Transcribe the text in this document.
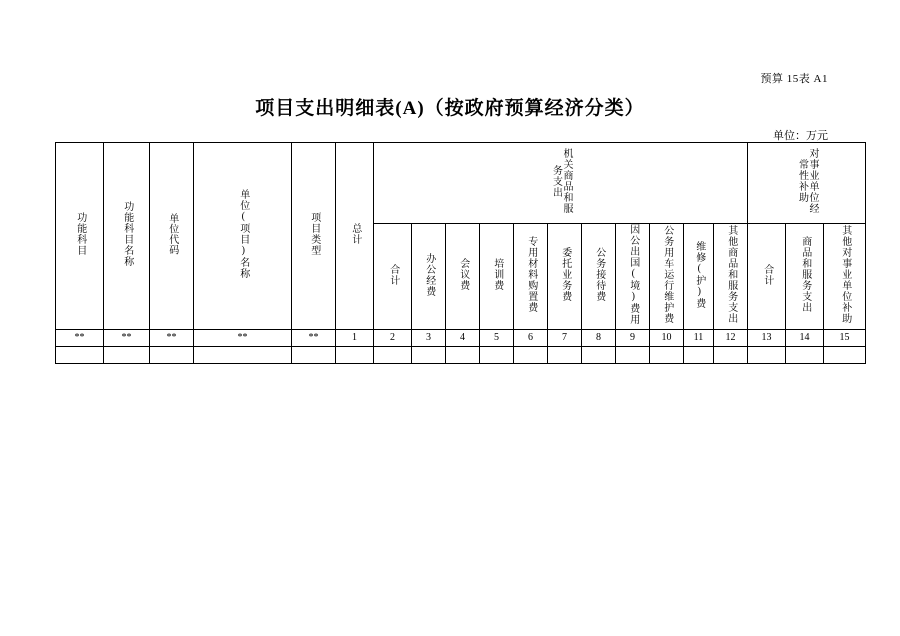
预算 15表 A1
项目支出明细表(A)（按政府预算经济分类）
单位：万元
功能科目	功能科目名称	单位代码	单位(项目)名称	项目类型	总计	机关商品和服务支出											对事业单位经常性补助		
						合计	办公经费	会议费	培训费	专用材料购置费	委托业务费	公务接待费	因公出国(境)费用	公务用车运行维护费	维修(护)费	其他商品和服务支出	合计	商品和服务支出	其他对事业单位补助
**	**	**	**	**	1	2	3	4	5	6	7	8	9	10	11	12	13	14	15
